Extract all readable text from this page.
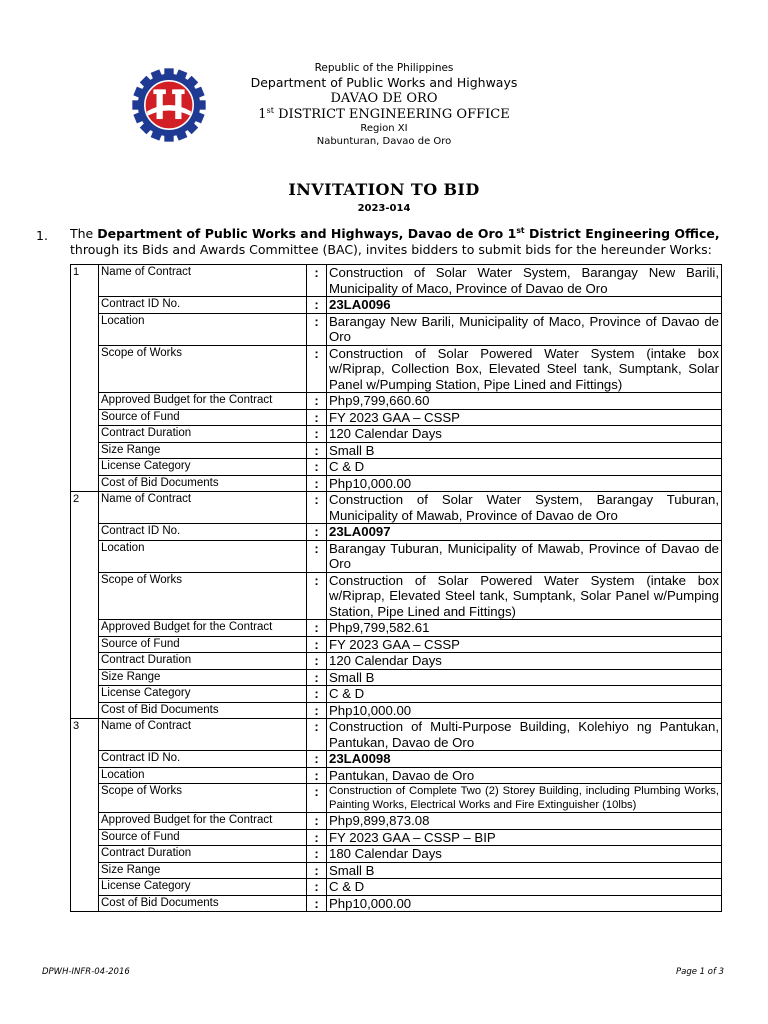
Republic of the Philippines
Department of Public Works and Highways
DAVAO DE ORO
1st DISTRICT ENGINEERING OFFICE
Region XI
Nabunturan, Davao de Oro
INVITATION TO BID
2023-014
1. The Department of Public Works and Highways, Davao de Oro 1st District Engineering Office,
through its Bids and Awards Committee (BAC), invites bidders to submit bids for the hereunder Works:
1	Name of Contract	:	Construction of Solar Water System, Barangay New Barili, Municipality of Maco, Province of Davao de Oro
	Contract ID No.	:	23LA0096
	Location	:	Barangay New Barili, Municipality of Maco, Province of Davao de Oro
	Scope of Works	:	Construction of Solar Powered Water System (intake box w/Riprap, Collection Box, Elevated Steel tank, Sumptank, Solar Panel w/Pumping Station, Pipe Lined and Fittings)
	Approved Budget for the Contract	:	Php9,799,660.60
	Source of Fund	:	FY 2023 GAA – CSSP
	Contract Duration	:	120 Calendar Days
	Size Range	:	Small B
	License Category	:	C & D
	Cost of Bid Documents	:	Php10,000.00
2	Name of Contract	:	Construction of Solar Water System, Barangay Tuburan, Municipality of Mawab, Province of Davao de Oro
	Contract ID No.	:	23LA0097
	Location	:	Barangay Tuburan, Municipality of Mawab, Province of Davao de Oro
	Scope of Works	:	Construction of Solar Powered Water System (intake box w/Riprap, Elevated Steel tank, Sumptank, Solar Panel w/Pumping Station, Pipe Lined and Fittings)
	Approved Budget for the Contract	:	Php9,799,582.61
	Source of Fund	:	FY 2023 GAA – CSSP
	Contract Duration	:	120 Calendar Days
	Size Range	:	Small B
	License Category	:	C & D
	Cost of Bid Documents	:	Php10,000.00
3	Name of Contract	:	Construction of Multi-Purpose Building, Kolehiyo ng Pantukan, Pantukan, Davao de Oro
	Contract ID No.	:	23LA0098
	Location	:	Pantukan, Davao de Oro
	Scope of Works	:	Construction of Complete Two (2) Storey Building, including Plumbing Works, Painting Works, Electrical Works and Fire Extinguisher (10lbs)
	Approved Budget for the Contract	:	Php9,899,873.08
	Source of Fund	:	FY 2023 GAA – CSSP – BIP
	Contract Duration	:	180 Calendar Days
	Size Range	:	Small B
	License Category	:	C & D
	Cost of Bid Documents	:	Php10,000.00
DPWH-INFR-04-2016	Page 1 of 3
